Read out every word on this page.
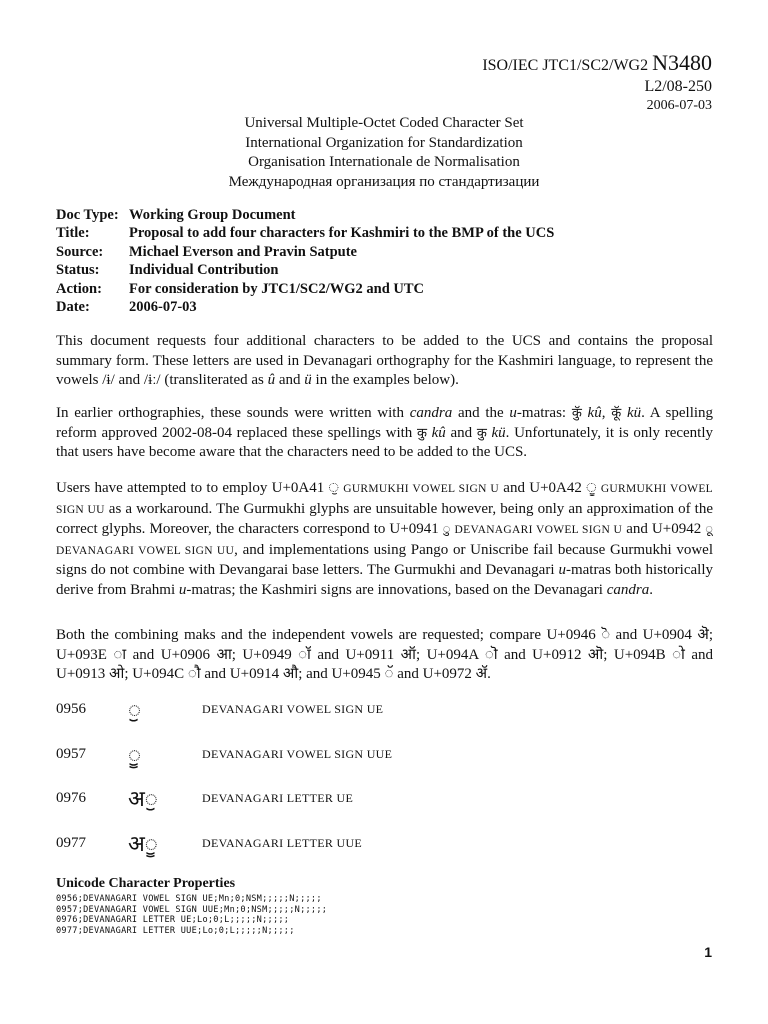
ISO/IEC JTC1/SC2/WG2 N3480
L2/08-250
2006-07-03
Universal Multiple-Octet Coded Character Set
International Organization for Standardization
Organisation Internationale de Normalisation
Международная организация по стандартизации
Doc Type: Working Group Document
Title:	Proposal to add four characters for Kashmiri to the BMP of the UCS
Source:	Michael Everson and Pravin Satpute
Status:	Individual Contribution
Action:	For consideration by JTC1/SC2/WG2 and UTC
Date:	2006-07-03
This document requests four additional characters to be added to the UCS and contains the proposal summary form. These letters are used in Devanagari orthography for the Kashmiri language, to represent the vowels /ɨ/ and /ɨː/ (transliterated as û and ü in the examples below).
In earlier orthographies, these sounds were written with candra and the u-matras: कुॅ kû, कूॅ kü. A spelling reform approved 2002-08-04 replaced these spellings with कु kû and कु kü. Unfortunately, it is only recently that users have become aware that the characters need to be added to the UCS.
Users have attempted to to employ U+0A41 ੁ GURMUKHI VOWEL SIGN U and U+0A42 ੂ GURMUKHI VOWEL SIGN UU as a workaround. The Gurmukhi glyphs are unsuitable however, being only an approximation of the correct glyphs. Moreover, the characters correspond to U+0941 ु DEVANAGARI VOWEL SIGN U and U+0942 ू DEVANAGARI VOWEL SIGN UU, and implementations using Pango or Uniscribe fail because Gurmukhi vowel signs do not combine with Devangarai base letters. The Gurmukhi and Devanagari u-matras both historically derive from Brahmi u-matras; the Kashmiri signs are innovations, based on the Devanagari candra.
Both the combining maks and the independent vowels are requested; compare U+0946 ॆ and U+0904 ऄ; U+093E ा and U+0906 आ; U+0949 ॉ and U+0911 ऑ; U+094A ॊ and U+0912 ऒ; U+094B ो and U+0913 ओ; U+094C ौ and U+0914 औ; and U+0945 ॅ and U+0972 ॲ.
0956	◌ॖ	DEVANAGARI VOWEL SIGN UE
0957	◌ॗ	DEVANAGARI VOWEL SIGN UUE
0976	अॖ	DEVANAGARI LETTER UE
0977	अॗ	DEVANAGARI LETTER UUE
Unicode Character Properties
0956;DEVANAGARI VOWEL SIGN UE;Mn;0;NSM;;;;;N;;;;;
0957;DEVANAGARI VOWEL SIGN UUE;Mn;0;NSM;;;;;N;;;;;
0976;DEVANAGARI LETTER UE;Lo;0;L;;;;;N;;;;;
0977;DEVANAGARI LETTER UUE;Lo;0;L;;;;;N;;;;;
1
